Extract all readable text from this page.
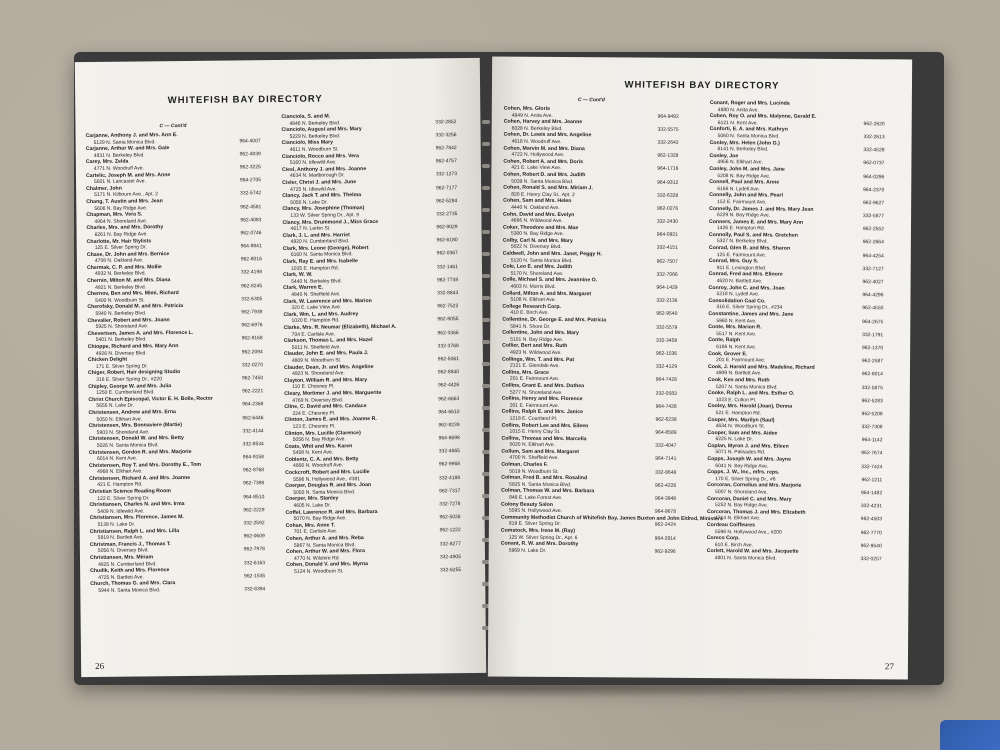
WHITEFISH BAY DIRECTORY
C — Cont'd
Carjanne, Anthony J. and Mrs. Ann E.
5129 N. Santa Monica Blvd.	964-4007
Carjanne, Arthur W. and Mrs. Gale
4831 N. Berkeley Blvd.	962-4839
Carey, Mrs. Zelda
4771 N. Woodruff Ave.	962-3225
Cartelic, Joseph M. and Mrs. Anne
5601 N. Lancaster Ave.	964-2705
Chalmer, John
5171 N. Kilbourn Ave., Apt. 2	332-5742
Chang, T. Austin and Mrs. Jean
5606 N. Bay Ridge Ave.	962-4581
Chapman, Mrs. Vera S.
4964 N. Shoreland Ave.	962-4083
Charles, Mrs. and Mrs. Dorothy
6261 N. Bay Ridge Ave.	962-0746
Charlotte, Mr. Hair Stylists
125 E. Silver Spring Dr.	964-9841
Chase, Dr. John and Mrs. Bernice
4708 N. Oakland Ave.	962-8016
Chermak, C. P. and Mrs. Mollie
4932 N. Berkeley Blvd.	332-4198
Chernin, Milton M. and Mrs. Diana
4821 N. Berkeley Blvd.	962-8245
Chernov, Ben and Mrs. Mimi, Richard
5400 N. Woodburn St.	332-6305
Cherofsky, Donald M. and Mrs. Patricia
5940 N. Berkeley Blvd.	962-7939
Chevalier, Robert and Mrs. Joann
5925 N. Shoreland Ave.	962-6976
Chevertsen, James A. and Mrs. Florence L.
5401 N. Berkeley Blvd.	962-8168
Chioppe, Richard and Mrs. Mary Ann
4926 N. Diversey Blvd.	962-2094
Chicken Delight
171 E. Silver Spring Dr.	332-0270
Chiger, Robert, Hair designing Studio
316 E. Silver Spring Dr., #220	962-7450
Chipley, George W. and Mrs. Julia
1250 E. Cumberland Blvd.	962-2221
Christ Church Episcopal, Victor E. H. Bolle, Rector
5655 N. Lake Dr.	964-2368
Christensen, Andrew and Mrs. Erna
5050 N. Elkhart Ave.	962-6446
Christensen, Mrs. Bonnaviere (Martie)
5903 N. Shoreland Ave.	332-4144
Christensen, Donald W. and Mrs. Betty
5026 N. Santa Monica Blvd.	332-8534
Christensen, Gordon R. and Mrs. Marjorie
6014 N. Kent Ave.	964-9158
Christensen, Roy T. and Mrs. Dorothy E., Tom
4968 N. Elkhart Ave.	962-8768
Christensen, Richard A. and Mrs. Joanne
421 E. Hampton Rd.	962-7398
Christian Science Reading Room
122 E. Silver Spring Dr.	964-8510
Christiansen, Charles N. and Mrs. Irma
5409 N. Idlewild Ave.	962-2229
Christiansen, Mrs. Florence, James M.
5138 N. Lake Dr.	332-2592
Christiansen, Ralph L. and Mrs. Lilla
5819 N. Bartlett Ave.	962-0609
Christman, Francis J., Thomas T.
5056 N. Diversey Blvd.	962-7978
Christiansen, Mrs. Miriam
4825 N. Cumberland Blvd.	332-6163
Chudik, Keith and Mrs. Florence
4725 N. Bartlett Ave.	962-1535
Church, Thomas G. and Mrs. Clara
5944 N. Santa Monica Blvd.	332-6394
Cianciola, S. and M.
4846 N. Berkeley Blvd.	332-2852
Cianciolo, August and Mrs. Mary
5229 N. Berkeley Blvd.	332-3256
Cianciolo, Miss Mary
4611 N. Woodburn St.	962-7842
Cianciolo, Rocco and Mrs. Vera
5160 N. Idlewild Ave.	962-4757
Ciesl, Anthony J. and Mrs. Joanne
4634 N. Marlborough Dr.	332-1273
Cisler, Christ J. and Mrs. June
4725 N. Idlewild Ave.	962-7177
Clancy, Jack T. and Mrs. Thelma
5050 N. Lake Dr.	962-5284
Clancy, Mrs. Josephine (Thomas)
133 W. Silver Spring Dr., Apt. 9	332-2735
Clancy, Mrs. Drummond J., Miss Grace
4617 N. Larkin St.	962-9029
Clark, J. L. and Mrs. Harriet
4920 N. Cumberland Blvd.	962-6180
Clark, Mrs. Leone (George), Robert
6160 N. Santa Monica Blvd.	962-0367
Clark, Ray E. and Mrs. Isabelle
1035 E. Hampton Rd.	332-1461
Clark, W. W.
5440 N. Berkeley Blvd.	962-7738
Clark, Warren E.
4840 N. Sheffield Ave.	332-8843
Clark, W. Lawrence and Mrs. Marion
320 E. Lake View Ave.	962-7522
Clark, Wm. L. and Mrs. Audrey
1020 E. Hampton Rd.	962-8055
Clarke, Mrs. R. Neumar (Elizabeth), Michael A.
704 E. Carlisle Ave.	962-3366
Clarkson, Thomas L. and Mrs. Hazel
5011 N. Sheffield Ave.	332-3768
Clauder, John E. and Mrs. Paula J.
4809 N. Woodburn St.	962-5061
Clauder, Dean, Jr. and Mrs. Angeline
4923 N. Shoreland Ave.	962-8840
Clayton, William R. and Mrs. Mary
110 E. Chesney Pl.	962-4426
Cleary, Mortimer J. and Mrs. Marguerite
4769 N. Diversey Blvd.	962-6663
Cline, C. David and Mrs. Candace
224 E. Chesney Pl.	964-6610
Clinton, James E. and Mrs. Joanne R.
123 E. Chesney Pl.	962-8239
Clinton, Mrs. Lucille (Clarence)
5056 N. Bay Ridge Ave.	964-8698
Coats, Whit and Mrs. Karen
5458 N. Kent Ave.	332-4865
Coblentz, C. A. and Mrs. Betty
4856 N. Woodruff Ave.	962-9968
Cockcroft, Robert and Mrs. Lucille
5596 N. Hollywood Ave., #381	332-4188
Coerper, Douglas R. and Mrs. Joan
5050 N. Santa Monica Blvd.	962-7317
Coerper, Mrs. Stanley
4605 N. Lake Dr.	332-7278
Coffel, Lawrence R. and Mrs. Barbara
5070 N. Bay Ridge Ave.	962-5026
Cohan, Mrs. Anne T.
701 E. Carlisle Ave.	962-1222
Cohen, Arthur A. and Mrs. Reba
5867 N. Santa Monica Blvd.	332-8277
Cohen, Arthur W. and Mrs. Flora
4770 N. Wilshire Rd.	332-4905
Cohen, Donald V. and Mrs. Myrna
5124 N. Woodburn St.	332-6255
26
WHITEFISH BAY DIRECTORY
C — Cont'd
Cohen, Mrs. Gloria
4849 N. Anita Ave.	964-9492
Cohen, Harvey and Mrs. Jeanne
6028 N. Berkeley Blvd.	332-5575
Cohen, Dr. Lewis and Mrs. Angeline
4618 N. Woodruff Ave.	332-2642
Cohen, Marvin M. and Mrs. Diana
4722 N. Hollywood Ave.	962-1328
Cohen, Robert A. and Mrs. Doris
421 E. Lake View Ave.	964-1716
Cohen, Robert D. and Mrs. Judith
5039 N. Santa Monica Blvd.	964-9312
Cohen, Ronald S. and Mrs. Miriam J.
820 E. Henry Clay St., Apt. 2	332-6328
Cohen, Sam and Mrs. Helen
4440 N. Oakland Ave.	962-0276
Cohn, David and Mrs. Evelyn
4666 N. Wildwood Ave.	332-2430
Coker, Theodore and Mrs. Mae
5300 N. Bay Ridge Ave.	964-0921
Colby, Carl N. and Mrs. Mary
5022 N. Diversey Blvd.	332-4151
Caldwell, John and Mrs. Janet, Peggy H.
5120 N. Santa Monica Blvd.	962-7507
Cole, Leo E. and Mrs. Judith
5170 N. Shoreland Ave.	332-7066
Colle, Michael S. and Mrs. Jeannine O.
4603 N. Morris Blvd.	964-1429
Collard, Milton A. and Mrs. Margaret
5108 N. Elkhart Ave.	332-2136
College Research Corp.
410 E. Birch Ave.	962-9540
Collentine, Dr. George E. and Mrs. Patricia
5841 N. Shore Dr.	332-5579
Collentine, John and Mrs. Mary
5101 N. Bay Ridge Ave.	332-3458
Collier, Bert and Mrs. Ruth
4923 N. Wildwood Ave.	962-1536
Collings, Wm. T. and Mrs. Pat
2121 E. Glendale Ave.	332-4129
Collins, Mrs. Grace
201 E. Fairmount Ave.	964-7428
Collins, Grant E. and Mrs. Dothea
5277 N. Shoreland Ave.	332-0583
Collins, Henry and Mrs. Florence
201 E. Fairmount Ave.	964-7428
Collins, Ralph E. and Mrs. Janice
1218 E. Courtland Pl.	962-6238
Collins, Robert Lee and Mrs. Eileen
1015 E. Henry Clay St.	964-8589
Collins, Thomas and Mrs. Marcella
5020 N. Elkhart Ave.	332-4047
Collum, Sam and Mrs. Margaret
4700 N. Sheffield Ave.	964-7141
Colman, Charles F.
5019 N. Woodburn St.	332-8648
Colman, Fred B. and Mrs. Rosalind
5825 N. Santa Monica Blvd.	962-4226
Colman, Thomas W. and Mrs. Barbara
848 E. Lake Forest Ave.	964-3948
Colony Beauty Salon
5595 N. Hollywood Ave.	964-9678
Community Methodist Church of Whitefish Bay, James Buxton and John Eldred, Ministers
819 E. Silver Spring Dr.	962-2424
Comstock, Mrs. Irene M. (Ray)
125 W. Silver Spring Dr., Apt. 6	964-2814
Conant, R. W. and Mrs. Dorothy
5969 N. Lake Dr.	962-9296
Conant, Roger and Mrs. Lucinda
4880 N. Anita Ave.
Cohen, Roy O. and Mrs. Idalynne, Gerald E.
6121 N. Kent Ave.	962-2620
Conforti, E. A. and Mrs. Kathryn
5060 N. Santa Monica Blvd.	332-2613
Conley, Mrs. Helen (John G.)
6141 N. Berkeley Blvd.	332-4528
Conley, Joe
4956 N. Elkhart Ave.	962-0737
Conley, John M. and Mrs. Jane
5208 N. Bay Ridge Ave.	964-0296
Connell, Paul and Mrs. Anne
6166 N. Lydell Ave.	964-2370
Connelly, John and Mrs. Pearl
152 E. Fairmount Ave.	962-9627
Connelly, Dr. James J. and Mrs. Mary Jean
6229 N. Bay Ridge Ave.	332-5877
Conners, James E. and Mrs. Mary Ann
1426 E. Hampton Rd.	962-2552
Connolly, Paul S. and Mrs. Gretchen
5327 N. Berkeley Blvd.	962-2664
Conrad, Glen B. and Mrs. Sharon
125 E. Fairmount Ave.	964-4254
Conrad, Mrs. Guy S.
911 E. Lexington Blvd.	332-7127
Conrad, Fred and Mrs. Elinore
4620 N. Bartlett Ave.	962-4027
Conroy, John C. and Mrs. Joan
5218 N. Lydell Ave.	964-4296
Consolidation Coal Co.
316 E. Silver Spring Dr., #234	962-4550
Constantine, James and Mrs. Jane
5960 N. Kent Ave.	964-2675
Conte, Mrs. Marion R.
5517 N. Kent Ave.	332-1791
Conte, Ralph
6166 N. Kent Ave.	962-1370
Cook, Grover E.
201 E. Fairmount Ave.	962-2587
Cook, J. Harold and Mrs. Madeline, Richard
4909 N. Bartlett Ave.	962-6014
Cook, Ken and Mrs. Ruth
5207 N. Santa Monica Blvd.	332-5875
Cooke, Ralph L. and Mrs. Esther O.
1023 E. Colton Pl.	962-5283
Cooley, Mrs. Harold (Joan), Donna
521 E. Hampton Rd.	962-5208
Cooper, Mrs. Marilyn (Saul)
4634 N. Woodburn St.	332-7308
Cooper, Sam and Mrs. Aidee
6225 N. Lake Dr.	964-1142
Coplan, Myron J. and Mrs. Eileen
5071 N. Palisades Rd.	962-7674
Copps, Joseph W. and Mrs. Jayne
6041 N. Bay Ridge Ave.	332-7424
Copps, J. W., Inc., mfrs. reps.
170 E. Silver Spring Dr., #6	962-1211
Corcoran, Cornelius and Mrs. Marjorie
5007 N. Shoreland Ave.	964-1482
Corcoran, Daniel C. and Mrs. Mary
5252 N. Bay Ridge Ave.	332-4231
Corcoran, Thomas J. and Mrs. Elizabeth
4714 N. Elkhart Ave.	962-4503
Cordeau Coiffeures
5596 N. Hollywood Ave., #200	962-7770
Coreco Corp.
610 E. Birch Ave.	962-9540
Corlett, Harold W. and Mrs. Jacquette
4801 N. Santa Monica Blvd.	332-0257
27
